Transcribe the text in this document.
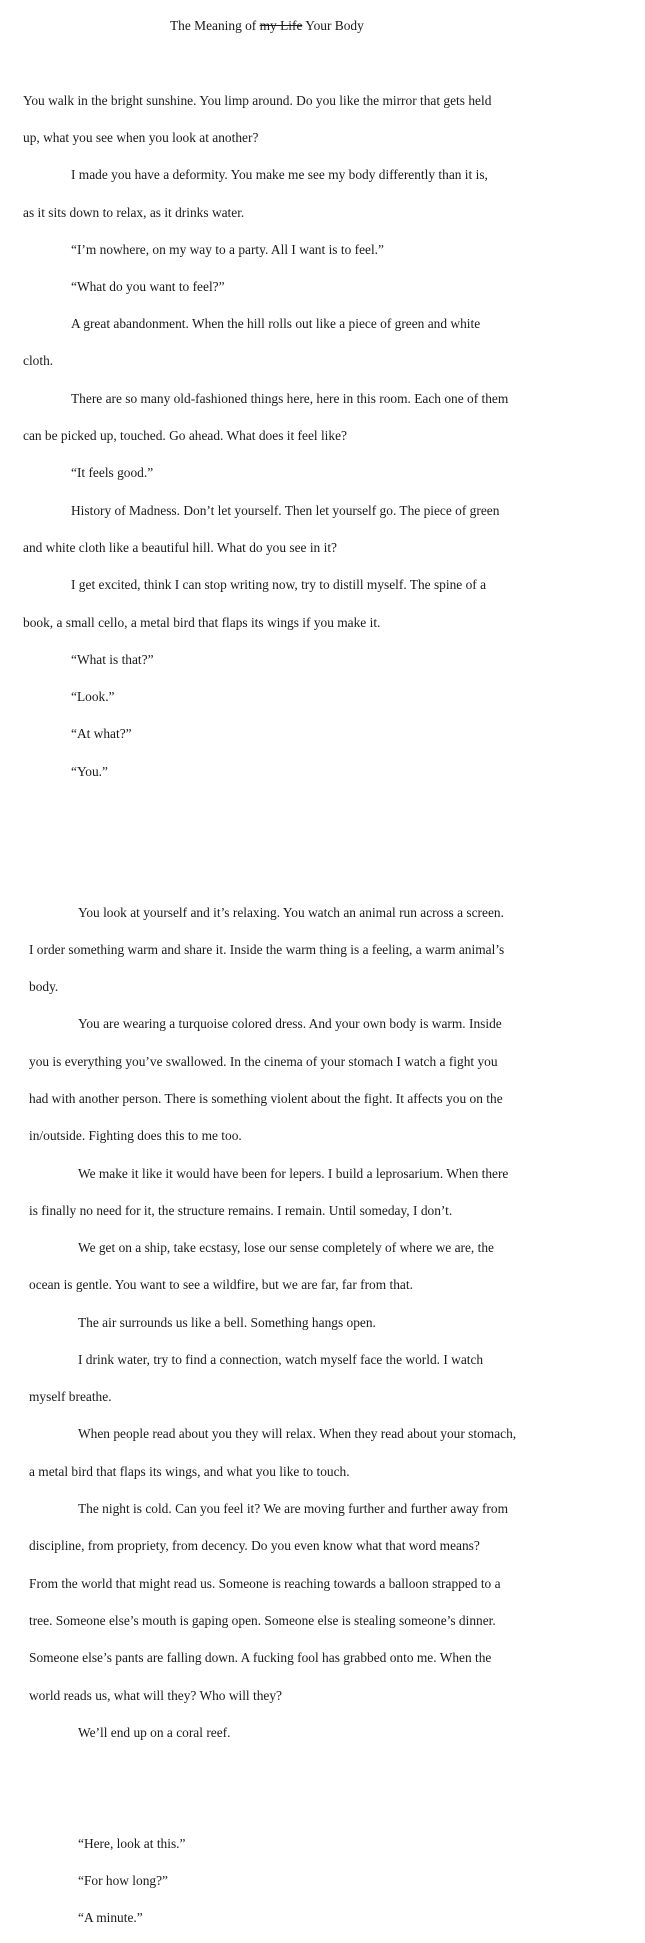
The Meaning of my Life Your Body
You walk in the bright sunshine. You limp around. Do you like the mirror that gets held
up, what you see when you look at another?
I made you have a deformity. You make me see my body differently than it is,
as it sits down to relax, as it drinks water.
“I’m nowhere, on my way to a party. All I want is to feel.”
“What do you want to feel?”
A great abandonment. When the hill rolls out like a piece of green and white
cloth.
There are so many old-fashioned things here, here in this room. Each one of them
can be picked up, touched. Go ahead. What does it feel like?
“It feels good.”
History of Madness. Don’t let yourself. Then let yourself go. The piece of green
and white cloth like a beautiful hill. What do you see in it?
I get excited, think I can stop writing now, try to distill myself. The spine of a
book, a small cello, a metal bird that flaps its wings if you make it.
“What is that?”
“Look.”
“At what?”
“You.”
You look at yourself and it’s relaxing. You watch an animal run across a screen.
I order something warm and share it. Inside the warm thing is a feeling, a warm animal’s
body.
You are wearing a turquoise colored dress. And your own body is warm. Inside
you is everything you’ve swallowed. In the cinema of your stomach I watch a fight you
had with another person. There is something violent about the fight. It affects you on the
in/outside. Fighting does this to me too.
We make it like it would have been for lepers. I build a leprosarium. When there
is finally no need for it, the structure remains. I remain. Until someday, I don’t.
We get on a ship, take ecstasy, lose our sense completely of where we are, the
ocean is gentle. You want to see a wildfire, but we are far, far from that.
The air surrounds us like a bell. Something hangs open.
I drink water, try to find a connection, watch myself face the world. I watch
myself breathe.
When people read about you they will relax. When they read about your stomach,
a metal bird that flaps its wings, and what you like to touch.
The night is cold. Can you feel it? We are moving further and further away from
discipline, from propriety, from decency. Do you even know what that word means?
From the world that might read us. Someone is reaching towards a balloon strapped to a
tree. Someone else’s mouth is gaping open. Someone else is stealing someone’s dinner.
Someone else’s pants are falling down. A fucking fool has grabbed onto me. When the
world reads us, what will they? Who will they?
We’ll end up on a coral reef.
“Here, look at this.”
“For how long?”
“A minute.”
